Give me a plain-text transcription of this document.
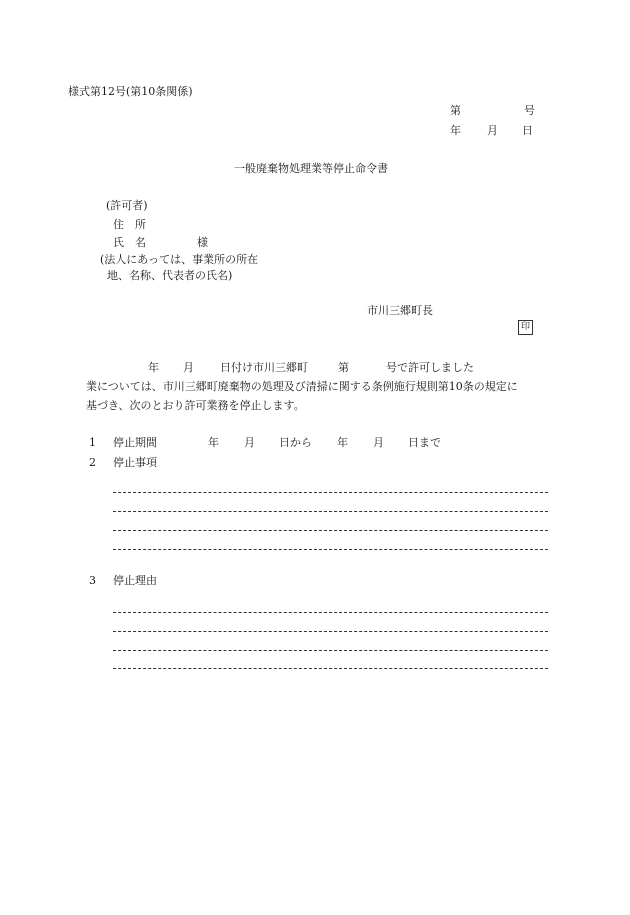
様式第12号(第10条関係)
第	号
年 月 日
一般廃棄物処理業等停止命令書
(許可者)
住　所
氏　名	様
(法人にあっては、事業所の所在
地、名称、代表者の氏名)
市川三郷町長
印
年 月 日付け市川三郷町	第	号で許可しました
業については、市川三郷町廃棄物の処理及び清掃に関する条例施行規則第10条の規定に
基づき、次のとおり許可業務を停止します。
1 停止期間	年 月 日から 年 月 日まで
2 停止事項
3 停止理由
